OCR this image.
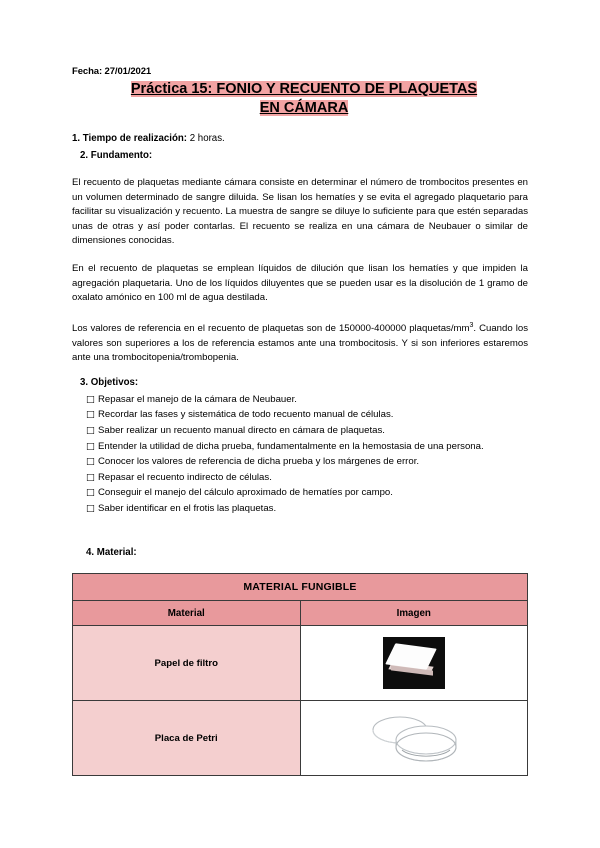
Fecha: 27/01/2021
Práctica 15: FONIO Y RECUENTO DE PLAQUETAS
EN CÁMARA
1. Tiempo de realización: 2 horas.
2. Fundamento:

El recuento de plaquetas mediante cámara consiste en determinar el número de trombocitos presentes en un volumen determinado de sangre diluida. Se lisan los hematíes y se evita el agregado plaquetario para facilitar su visualización y recuento. La muestra de sangre se diluye lo suficiente para que estén separadas unas de otras y así poder contarlas. El recuento se realiza en una cámara de Neubauer o similar de dimensiones conocidas.

En el recuento de plaquetas se emplean líquidos de dilución que lisan los hematíes y que impiden la agregación plaquetaria. Uno de los líquidos diluyentes que se pueden usar es la disolución de 1 gramo de oxalato amónico en 100 ml de agua destilada.

Los valores de referencia en el recuento de plaquetas son de 150000-400000 plaquetas/$mm^3$. Cuando los valores son superiores a los de referencia estamos ante una trombocitosis. Y si son inferiores estaremos ante una trombocitopenia/trombopenia.

3. Objetivos:
□ Repasar el manejo de la cámara de Neubauer.
□ Recordar las fases y sistemática de todo recuento manual de células.
□ Saber realizar un recuento manual directo en cámara de plaquetas.
□ Entender la utilidad de dicha prueba, fundamentalmente en la hemostasia de una persona.
□ Conocer los valores de referencia de dicha prueba y los márgenes de error.
□ Repasar el recuento indirecto de células.
□ Conseguir el manejo del cálculo aproximado de hematíes por campo.
□ Saber identificar en el frotis las plaquetas.
4. Material:
MATERIAL FUNGIBLE	
Material	Imagen
Papel de filtro	

Placa de Petri	
